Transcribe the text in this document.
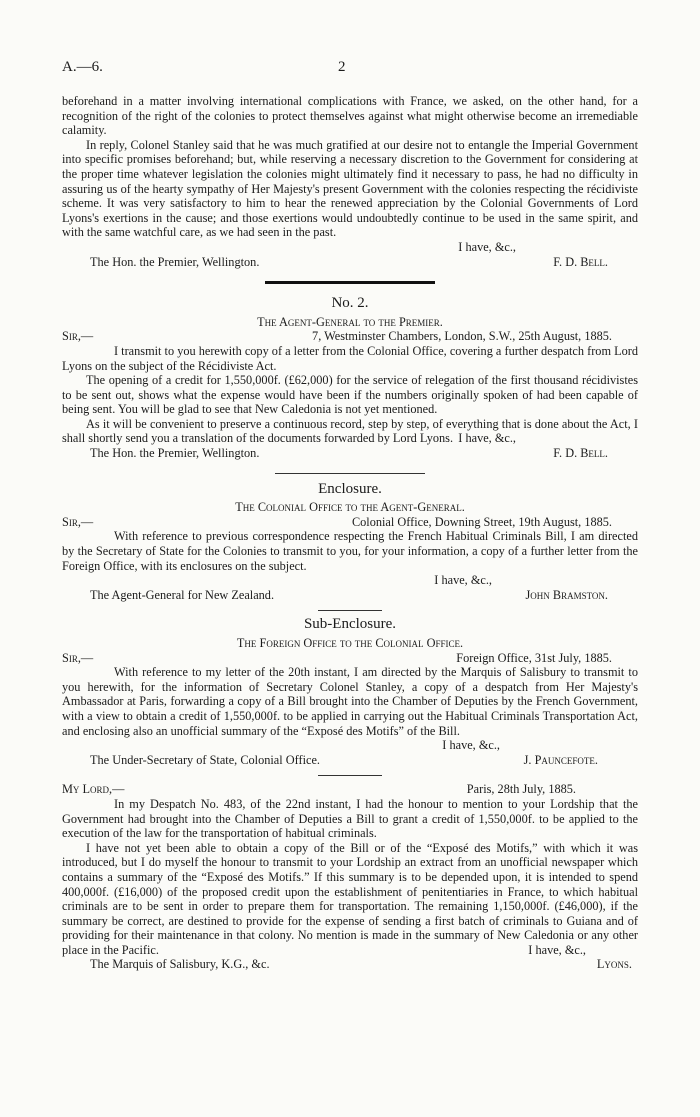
A.—6.	2

beforehand in a matter involving international complications with France, we asked, on the other hand, for a recognition of the right of the colonies to protect themselves against what might otherwise become an irremediable calamity.

In reply, Colonel Stanley said that he was much gratified at our desire not to entangle the Imperial Government into specific promises beforehand; but, while reserving a necessary discretion to the Government for considering at the proper time whatever legislation the colonies might ultimately find it necessary to pass, he had no difficulty in assuring us of the hearty sympathy of Her Majesty's present Government with the colonies respecting the récidiviste scheme. It was very satisfactory to him to hear the renewed appreciation by the Colonial Governments of Lord Lyons's exertions in the cause; and those exertions would undoubtedly continue to be used in the same spirit, and with the same watchful care, as we had seen in the past.

I have, &c.,
The Hon. the Premier, Wellington.	F. D. Bell.
No. 2.
The Agent-General to the Premier.
Sir,—	7, Westminster Chambers, London, S.W., 25th August, 1885.

I transmit to you herewith copy of a letter from the Colonial Office, covering a further despatch from Lord Lyons on the subject of the Récidiviste Act.

The opening of a credit for 1,550,000f. (£62,000) for the service of relegation of the first thousand récidivistes to be sent out, shows what the expense would have been if the numbers originally spoken of had been capable of being sent. You will be glad to see that New Caledonia is not yet mentioned.

As it will be convenient to preserve a continuous record, step by step, of everything that is done about the Act, I shall shortly send you a translation of the documents forwarded by Lord Lyons. I have, &c.,
The Hon. the Premier, Wellington.	F. D. Bell.
Enclosure.
The Colonial Office to the Agent-General.
Sir,—	Colonial Office, Downing Street, 19th August, 1885.

With reference to previous correspondence respecting the French Habitual Criminals Bill, I am directed by the Secretary of State for the Colonies to transmit to you, for your information, a copy of a further letter from the Foreign Office, with its enclosures on the subject.

I have, &c.,
The Agent-General for New Zealand.	John Bramston.
Sub-Enclosure.
The Foreign Office to the Colonial Office.
Sir,—	Foreign Office, 31st July, 1885.

With reference to my letter of the 20th instant, I am directed by the Marquis of Salisbury to transmit to you herewith, for the information of Secretary Colonel Stanley, a copy of a despatch from Her Majesty's Ambassador at Paris, forwarding a copy of a Bill brought into the Chamber of Deputies by the French Government, with a view to obtain a credit of 1,550,000f. to be applied in carrying out the Habitual Criminals Transportation Act, and enclosing also an unofficial summary of the “Exposé des Motifs” of the Bill.

I have, &c.,
The Under-Secretary of State, Colonial Office.	J. Pauncefote.
My Lord,—	Paris, 28th July, 1885.

In my Despatch No. 483, of the 22nd instant, I had the honour to mention to your Lordship that the Government had brought into the Chamber of Deputies a Bill to grant a credit of 1,550,000f. to be applied to the execution of the law for the transportation of habitual criminals.

I have not yet been able to obtain a copy of the Bill or of the “Exposé des Motifs,” with which it was introduced, but I do myself the honour to transmit to your Lordship an extract from an unofficial newspaper which contains a summary of the “Exposé des Motifs.” If this summary is to be depended upon, it is intended to spend 400,000f. (£16,000) of the proposed credit upon the establishment of penitentiaries in France, to which habitual criminals are to be sent in order to prepare them for transportation. The remaining 1,150,000f. (£46,000), if the summary be correct, are destined to provide for the expense of sending a first batch of criminals to Guiana and of providing for their maintenance in that colony. No mention is made in the summary of New Caledonia or any other place in the Pacific.	I have, &c.,
The Marquis of Salisbury, K.G., &c.	Lyons.
